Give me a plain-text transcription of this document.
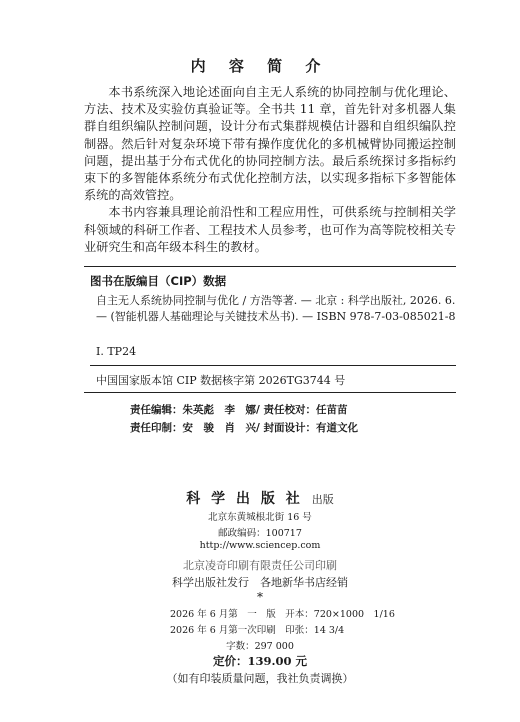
内 容 简 介

本书系统深入地论述面向自主无人系统的协同控制与优化理论、方法、技术及实验仿真验证等。全书共 11 章，首先针对多机器人集群自组织编队控制问题，设计分布式集群规模估计器和自组织编队控制器。然后针对复杂环境下带有操作度优化的多机械臂协同搬运控制问题，提出基于分布式优化的协同控制方法。最后系统探讨多指标约束下的多智能体系统分布式优化控制方法，以实现多指标下多智能体系统的高效管控。

本书内容兼具理论前沿性和工程应用性，可供系统与控制相关学科领域的科研工作者、工程技术人员参考，也可作为高等院校相关专业研究生和高年级本科生的教材。

图书在版编目（CIP）数据
自主无人系统协同控制与优化 / 方浩等著. — 北京 : 科学出版社, 2026. 6. — (智能机器人基础理论与关键技术丛书). — ISBN 978-7-03-085021-8
Ⅰ. TP24
中国国家版本馆 CIP 数据核字第 2026TG3744 号
责任编辑：朱英彪　李　娜/ 责任校对：任苗苗
责任印制：安　骏　肖　兴/ 封面设计：有道文化
科 学 出 版 社 出版
北京东黄城根北街 16 号
邮政编码：100717
http://www.sciencep.com
北京凌奇印刷有限责任公司印刷
科学出版社发行　各地新华书店经销
*
2026 年 6 月第　一　版　开本：720×1000　1/16
2026 年 6 月第一次印刷　印张：14 3/4
字数：297 000
定价：139.00 元
（如有印装质量问题，我社负责调换）
